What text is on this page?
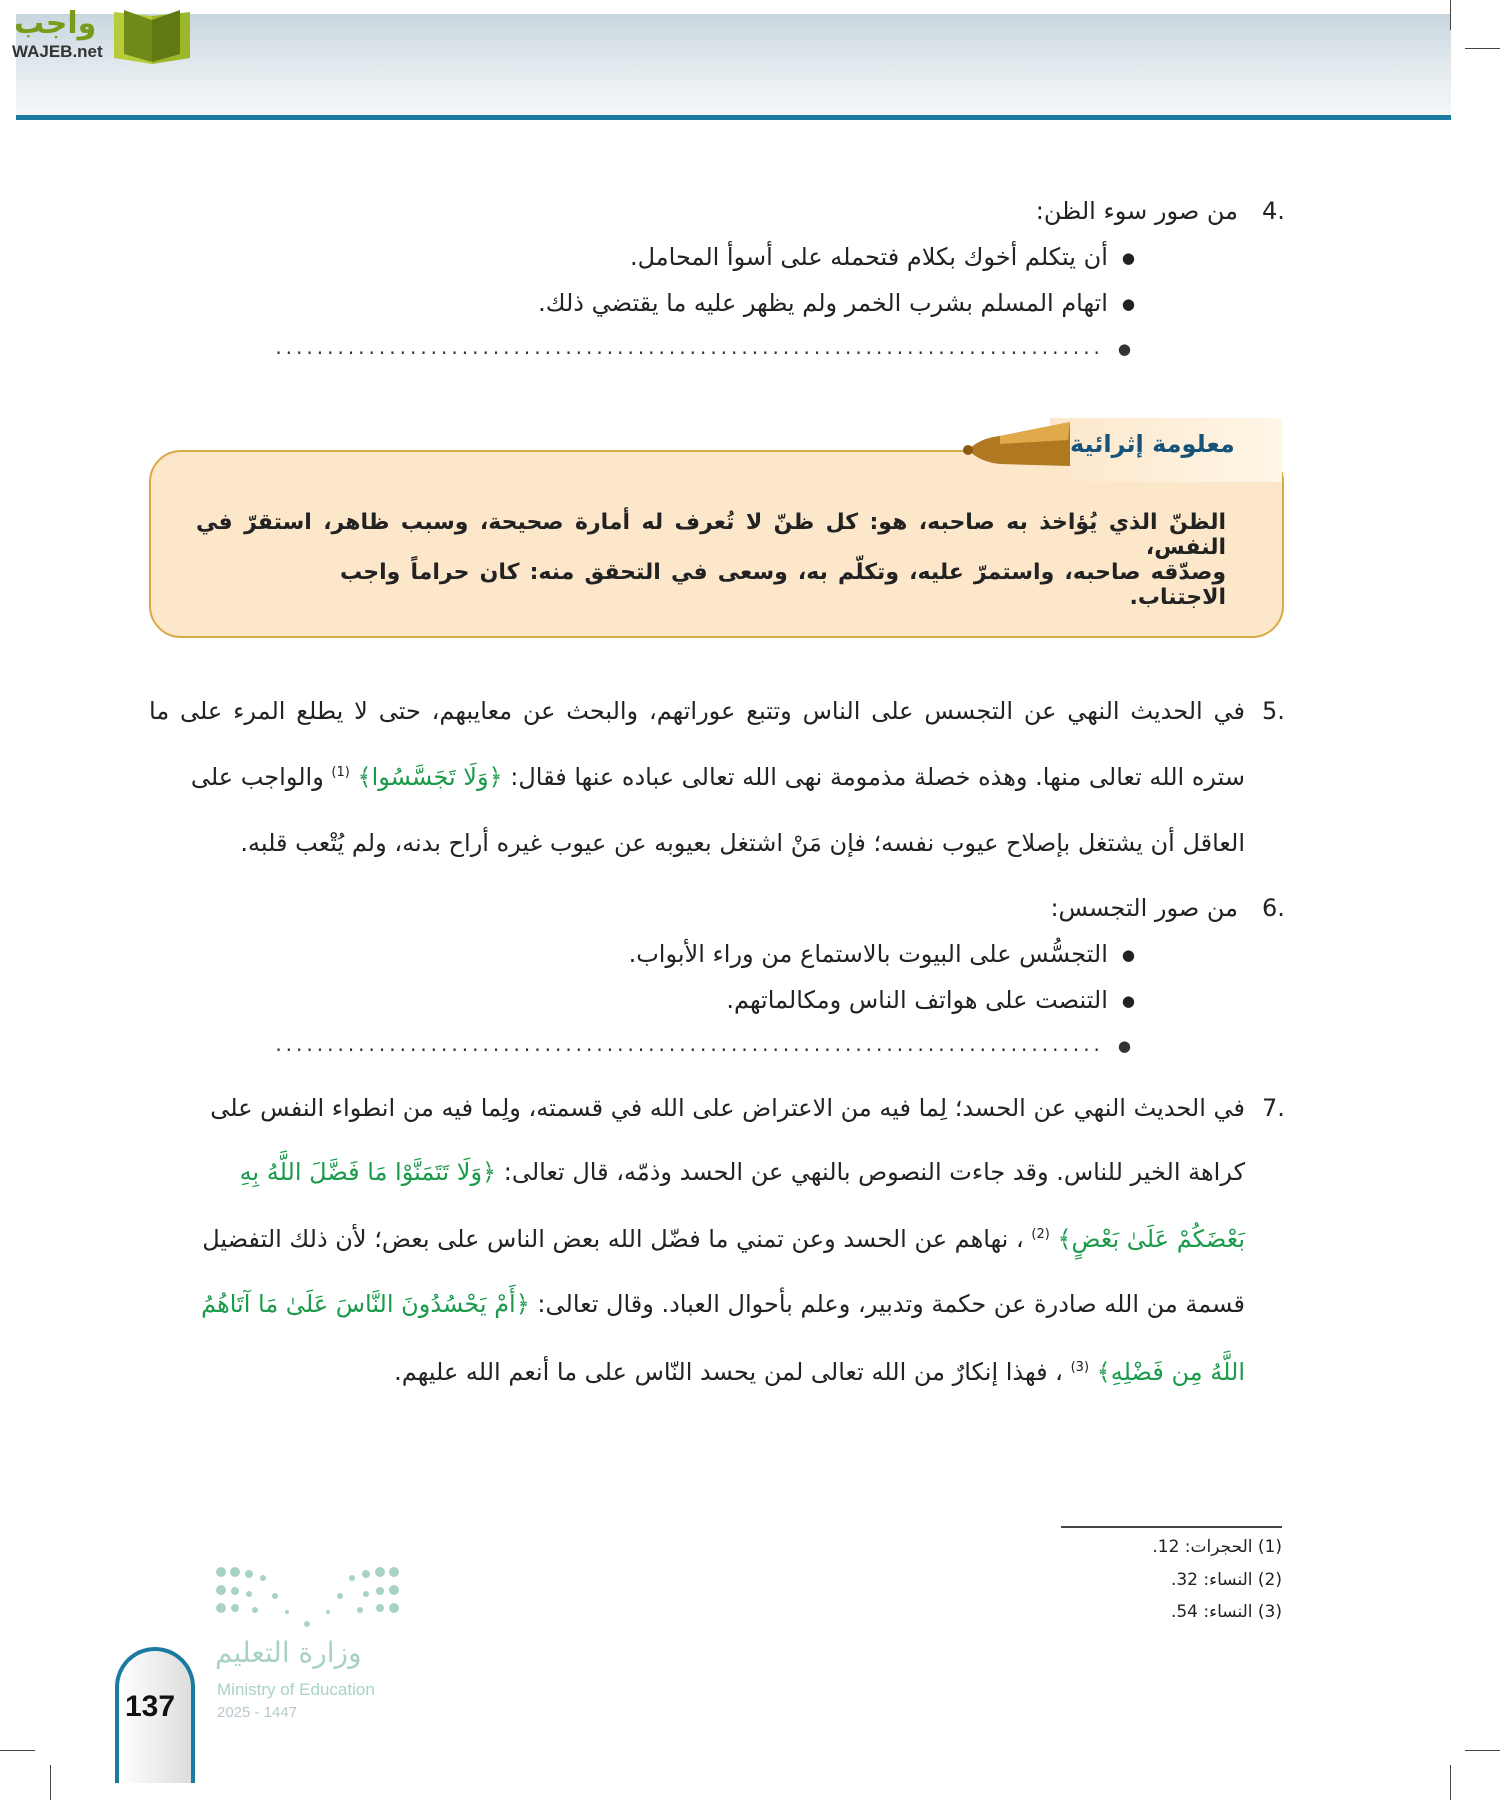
واجب
WAJEB.net
4.
من صور سوء الظن:
● أن يتكلم أخوك بكلام فتحمله على أسوأ المحامل.
● اتهام المسلم بشرب الخمر ولم يظهر عليه ما يقتضي ذلك.
● ................................................................................
معلومة إثرائية
الظنّ الذي يُؤاخذ به صاحبه، هو: كل ظنّ لا تُعرف له أمارة صحيحة، وسبب ظاهر، استقرّ في النفس،
وصدّقه صاحبه، واستمرّ عليه، وتكلّم به، وسعى في التحقق منه: كان حراماً واجب الاجتناب.
5.
في الحديث النهي عن التجسس على الناس وتتبع عوراتهم، والبحث عن معايبهم، حتى لا يطلع المرء على ما
ستره الله تعالى منها. وهذه خصلة مذمومة نهى الله تعالى عباده عنها فقال: ﴿وَلَا تَجَسَّسُوا﴾ $^{(1)}$ والواجب على
العاقل أن يشتغل بإصلاح عيوب نفسه؛ فإن مَنْ اشتغل بعيوبه عن عيوب غيره أراح بدنه، ولم يُتْعب قلبه.
6.
من صور التجسس:
● التجسُّس على البيوت بالاستماع من وراء الأبواب.
● التنصت على هواتف الناس ومكالماتهم.
● ................................................................................
7.
في الحديث النهي عن الحسد؛ لِما فيه من الاعتراض على الله في قسمته، ولِما فيه من انطواء النفس على
كراهة الخير للناس. وقد جاءت النصوص بالنهي عن الحسد وذمّه، قال تعالى: ﴿وَلَا تَتَمَنَّوْا مَا فَضَّلَ اللَّهُ بِهِ
بَعْضَكُمْ عَلَىٰ بَعْضٍ﴾ $^{(2)}$ ، نهاهم عن الحسد وعن تمني ما فضّل الله بعض الناس على بعض؛ لأن ذلك التفضيل
قسمة من الله صادرة عن حكمة وتدبير، وعلم بأحوال العباد. وقال تعالى: ﴿أَمْ يَحْسُدُونَ النَّاسَ عَلَىٰ مَا آتَاهُمُ
اللَّهُ مِن فَضْلِهِ﴾ $^{(3)}$ ، فهذا إنكارٌ من الله تعالى لمن يحسد النّاس على ما أنعم الله عليهم.
(1) الحجرات: 12.
(2) النساء: 32.
(3) النساء: 54.
وزارة التعليم
Ministry of Education
2025 - 1447
137
